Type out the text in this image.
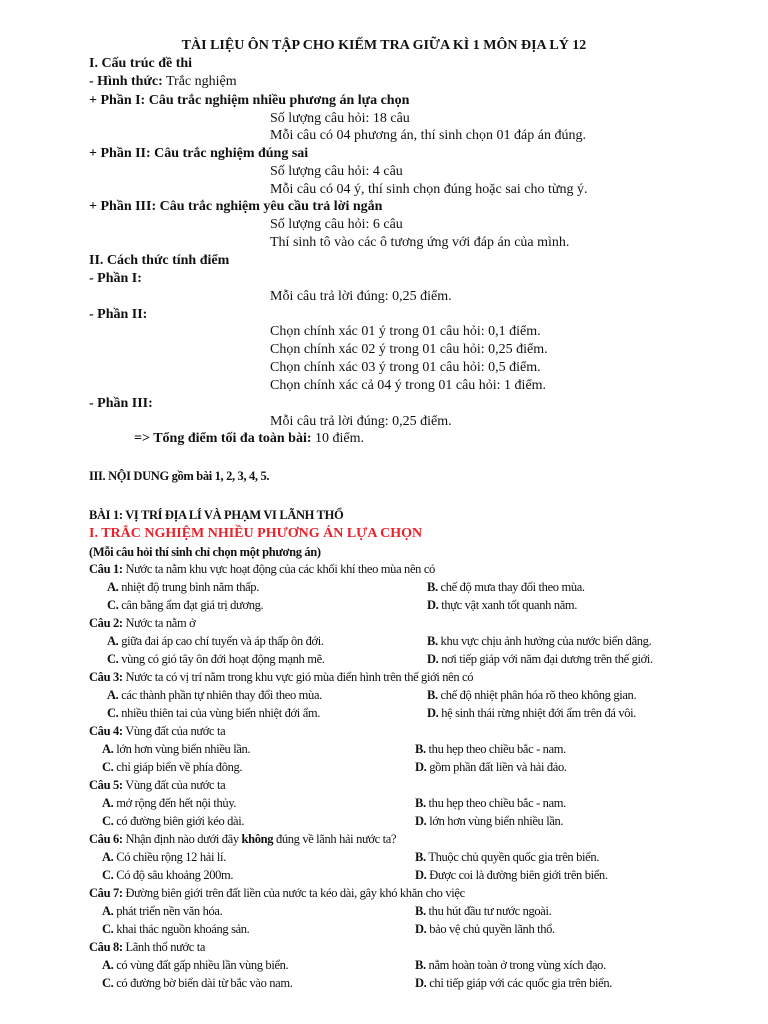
TÀI LIỆU ÔN TẬP CHO KIẾM TRA GIỮA KÌ 1 MÔN ĐỊA LÝ 12
I. Cấu trúc đề thi
- Hình thức: Trắc nghiệm
+ Phần I: Câu trắc nghiệm nhiều phương án lựa chọn
Số lượng câu hỏi: 18 câu
Mỗi câu có 04 phương án, thí sinh chọn 01 đáp án đúng.
+ Phần II: Câu trắc nghiệm đúng sai
Số lượng câu hỏi: 4 câu
Mỗi câu có 04 ý, thí sinh chọn đúng hoặc sai cho từng ý.
+ Phần III: Câu trắc nghiệm yêu cầu trả lời ngắn
Số lượng câu hỏi: 6 câu
Thí sinh tô vào các ô tương ứng với đáp án của mình.
II. Cách thức tính điểm
- Phần I:
Mỗi câu trả lời đúng: 0,25 điểm.
- Phần II:
Chọn chính xác 01 ý trong 01 câu hỏi: 0,1 điểm.
Chọn chính xác 02 ý trong 01 câu hỏi: 0,25 điểm.
Chọn chính xác 03 ý trong 01 câu hỏi: 0,5 điểm.
Chọn chính xác cả 04 ý trong 01 câu hỏi: 1 điểm.
- Phần III:
Mỗi câu trả lời đúng: 0,25 điểm.
=> Tổng điểm tối đa toàn bài: 10 điểm.
III. NỘI DUNG gồm bài 1, 2, 3, 4, 5.
BÀI 1: VỊ TRÍ ĐỊA LÍ VÀ PHẠM VI LÃNH THỔ
I. TRẮC NGHIỆM NHIỀU PHƯƠNG ÁN LỰA CHỌN
(Mỗi câu hỏi thí sinh chỉ chọn một phương án)
Câu 1: Nước ta nằm khu vực hoạt động của các khối khí theo mùa nên có
A. nhiệt độ trung bình năm thấp.	B. chế độ mưa thay đổi theo mùa.
C. cân bằng ẩm đạt giá trị dương.	D. thực vật xanh tốt quanh năm.
Câu 2: Nước ta nằm ở
A. giữa đai áp cao chí tuyến và áp thấp ôn đới.	B. khu vực chịu ảnh hưởng của nước biển dâng.
C. vùng có gió tây ôn đới hoạt động mạnh mẽ.	D. nơi tiếp giáp với năm đại dương trên thế giới.
Câu 3: Nước ta có vị trí nằm trong khu vực gió mùa điển hình trên thế giới nên có
A. các thành phần tự nhiên thay đổi theo mùa.	B. chế độ nhiệt phân hóa rõ theo không gian.
C. nhiều thiên tai của vùng biển nhiệt đới ẩm.	D. hệ sinh thái rừng nhiệt đới ẩm trên đá vôi.
Câu 4: Vùng đất của nước ta
A. lớn hơn vùng biển nhiều lần.	B. thu hẹp theo chiều bắc - nam.
C. chỉ giáp biển về phía đông.	D. gồm phần đất liền và hải đảo.
Câu 5: Vùng đất của nước ta
A. mở rộng đến hết nội thủy.	B. thu hẹp theo chiều bắc - nam.
C. có đường biên giới kéo dài.	D. lớn hơn vùng biển nhiều lần.
Câu 6: Nhận định nào dưới đây không đúng về lãnh hải nước ta?
A. Có chiều rộng 12 hải lí.	B. Thuộc chủ quyền quốc gia trên biển.
C. Có độ sâu khoảng 200m.	D. Được coi là đường biên giới trên biển.
Câu 7: Đường biên giới trên đất liền của nước ta kéo dài, gây khó khăn cho việc
A. phát triển nền văn hóa.	B. thu hút đầu tư nước ngoài.
C. khai thác nguồn khoáng sản.	D. bảo vệ chủ quyền lãnh thổ.
Câu 8: Lãnh thổ nước ta
A. có vùng đất gấp nhiều lần vùng biển.	B. nằm hoàn toàn ở trong vùng xích đạo.
C. có đường bờ biển dài từ bắc vào nam.	D. chỉ tiếp giáp với các quốc gia trên biển.
